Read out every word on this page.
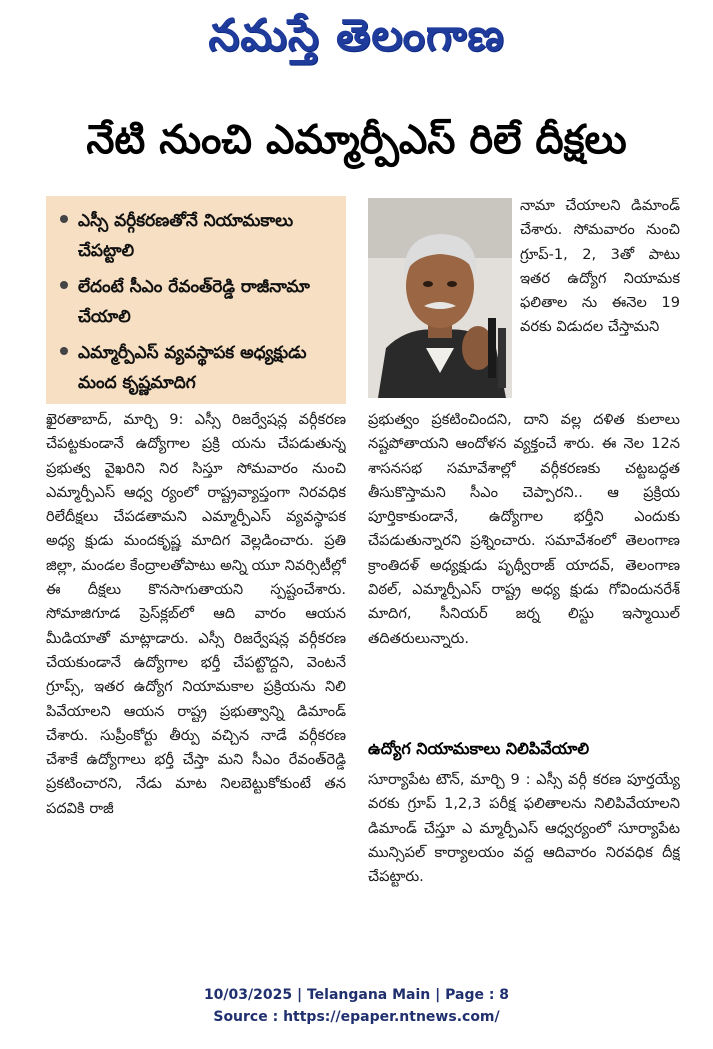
నమస్తే తెలంగాణ
నేటి నుంచి ఎమ్మార్పీఎస్ రిలే దీక్షలు
ఎస్సీ వర్గీకరణతోనే నియామకాలు చేపట్టాలి
లేదంటే సీఎం రేవంత్‌రెడ్డి రాజీనామా చేయాలి
ఎమ్మార్పీఎస్ వ్యవస్థాపక అధ్యక్షుడు మంద కృష్ణమాదిగ

నామా చేయాలని డిమాండ్ చేశారు. సోమవారం నుంచి గ్రూప్-1, 2, 3తో పాటు ఇతర ఉద్యోగ నియామక ఫలితాల ను ఈనెల 19 వరకు విడుదల చేస్తామని

ఖైరతాబాద్, మార్చి 9: ఎస్సీ రిజర్వేషన్ల వర్గీకరణ చేపట్టకుండానే ఉద్యోగాల ప్రక్రి యను చేపడుతున్న ప్రభుత్వ వైఖరిని నిర సిస్తూ సోమవారం నుంచి ఎమ్మార్పీఎస్ ఆధ్వ ర్యంలో రాష్ట్రవ్యాప్తంగా నిరవధిక రిలేదీక్షలు చేపడతామని ఎమ్మార్పీఎస్ వ్యవస్థాపక అధ్య క్షుడు మందకృష్ణ మాదిగ వెల్లడించారు. ప్రతి జిల్లా, మండల కేంద్రాలతోపాటు అన్ని యూ నివర్సిటీల్లో ఈ దీక్షలు కొనసాగుతాయని స్పష్టంచేశారు. సోమాజిగూడ ప్రెస్‌క్లబ్‌లో ఆది వారం ఆయన మీడియాతో మాట్లాడారు. ఎస్సీ రిజర్వేషన్ల వర్గీకరణ చేయకుండానే ఉద్యోగాల భర్తీ చేపట్టొద్దని, వెంటనే గ్రూప్స్, ఇతర ఉద్యోగ నియామకాల ప్రక్రియను నిలి పివేయాలని ఆయన రాష్ట్ర ప్రభుత్వాన్ని డిమాండ్ చేశారు. సుప్రీంకోర్టు తీర్పు వచ్చిన నాడే వర్గీకరణ చేశాకే ఉద్యోగాలు భర్తీ చేస్తా మని సీఎం రేవంత్‌రెడ్డి ప్రకటించారని, నేడు మాట నిలబెట్టుకోకుంటే తన పదవికి రాజీ

ప్రభుత్వం ప్రకటించిందని, దాని వల్ల దళిత కులాలు నష్టపోతాయని ఆందోళన వ్యక్తంచే శారు. ఈ నెల 12న శాసనసభ సమావేశాల్లో వర్గీకరణకు చట్టబద్ధత తీసుకొస్తామని సీఎం చెప్పారని.. ఆ ప్రక్రియ పూర్తికాకుండానే, ఉద్యోగాల భర్తీని ఎందుకు చేపడుతున్నారని ప్రశ్నించారు. సమావేశంలో తెలంగాణ క్రాంతిదళ్ అధ్యక్షుడు పృథ్వీరాజ్ యాదవ్, తెలంగాణ విఠల్, ఎమ్మార్పీఎస్ రాష్ట్ర అధ్య క్షుడు గోవిందునరేశ్ మాదిగ, సీనియర్ జర్న లిస్టు ఇస్మాయిల్ తదితరులున్నారు.

ఉద్యోగ నియామకాలు నిలిపివేయాలి

సూర్యాపేట టౌన్, మార్చి 9 : ఎస్సీ వర్గీ కరణ పూర్తయ్యే వరకు గ్రూప్ 1,2,3 పరీక్ష ఫలితాలను నిలిపివేయాలని డిమాండ్ చేస్తూ ఎ మ్మార్పీఎస్ ఆధ్వర్యంలో సూర్యాపేట మున్సిపల్ కార్యాలయం వద్ద ఆదివారం నిరవధిక దీక్ష చేపట్టారు.

10/03/2025 | Telangana Main | Page : 8
Source : https://epaper.ntnews.com/
